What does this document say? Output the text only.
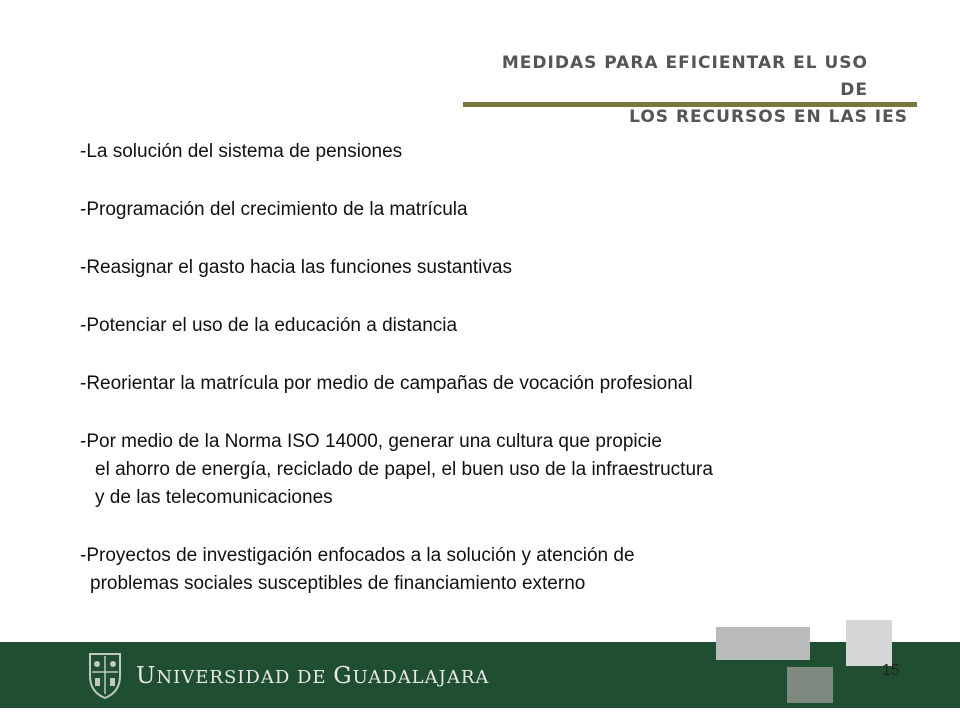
MEDIDAS PARA EFICIENTAR EL USO DE
LOS RECURSOS EN LAS IES
-La solución del sistema de pensiones
-Programación del crecimiento de la matrícula
-Reasignar el gasto hacia las funciones sustantivas
-Potenciar el uso de la educación a distancia
-Reorientar la matrícula por medio de campañas de vocación profesional
-Por medio de la Norma ISO 14000, generar una cultura que propicie
el ahorro de energía, reciclado de papel, el buen uso de la infraestructura
y de las telecomunicaciones
-Proyectos de investigación enfocados a la solución y atención de
problemas sociales susceptibles de financiamiento externo
UNIVERSIDAD DE GUADALAJARA	15
